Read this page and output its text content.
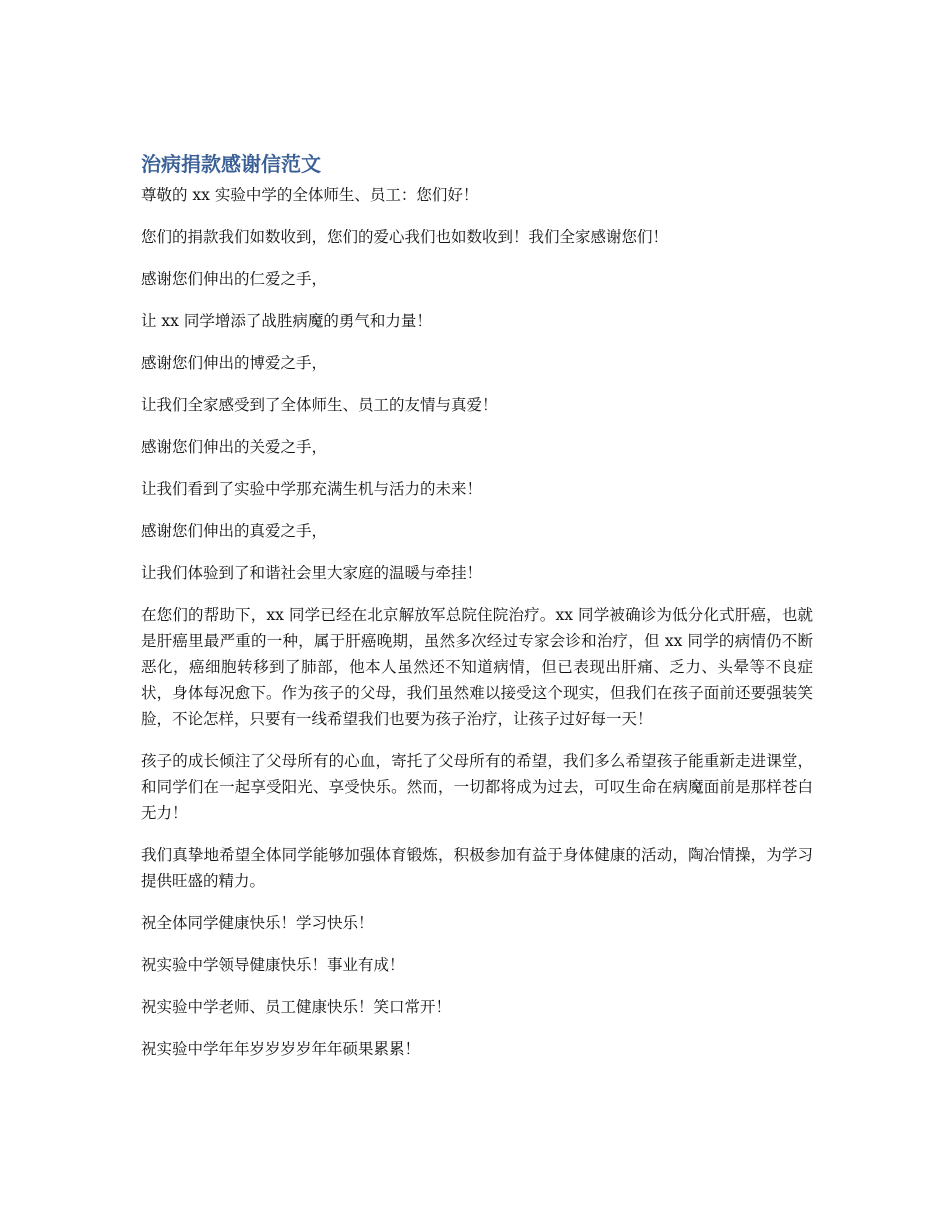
治病捐款感谢信范文

尊敬的 xx 实验中学的全体师生、员工：您们好！

您们的捐款我们如数收到，您们的爱心我们也如数收到！我们全家感谢您们！

感谢您们伸出的仁爱之手，

让 xx 同学增添了战胜病魔的勇气和力量！

感谢您们伸出的博爱之手，

让我们全家感受到了全体师生、员工的友情与真爱！

感谢您们伸出的关爱之手，

让我们看到了实验中学那充满生机与活力的未来！

感谢您们伸出的真爱之手，

让我们体验到了和谐社会里大家庭的温暖与牵挂！

在您们的帮助下，xx 同学已经在北京解放军总院住院治疗。xx 同学被确诊为低分化式肝癌，也就是肝癌里最严重的一种，属于肝癌晚期，虽然多次经过专家会诊和治疗，但 xx 同学的病情仍不断恶化，癌细胞转移到了肺部，他本人虽然还不知道病情，但已表现出肝痛、乏力、头晕等不良症状，身体每况愈下。作为孩子的父母，我们虽然难以接受这个现实，但我们在孩子面前还要强装笑脸，不论怎样，只要有一线希望我们也要为孩子治疗，让孩子过好每一天！

孩子的成长倾注了父母所有的心血，寄托了父母所有的希望，我们多么希望孩子能重新走进课堂，和同学们在一起享受阳光、享受快乐。然而，一切都将成为过去，可叹生命在病魔面前是那样苍白无力！

我们真挚地希望全体同学能够加强体育锻炼，积极参加有益于身体健康的活动，陶冶情操，为学习提供旺盛的精力。

祝全体同学健康快乐！学习快乐！

祝实验中学领导健康快乐！事业有成！

祝实验中学老师、员工健康快乐！笑口常开！

祝实验中学年年岁岁岁岁年年硕果累累！
